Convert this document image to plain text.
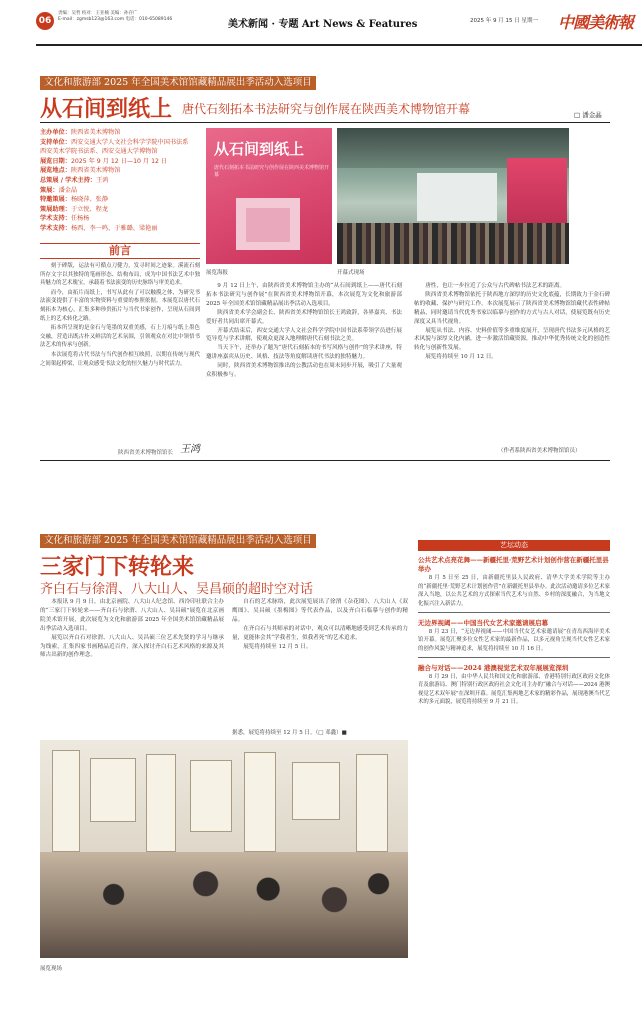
06
责编：吴哲 校对：王亚楠 美编：孙存广
E-mail：zgmsb123@163.com 电话：010-65089146	美术新闻 · 专题 Art News & Features	2025 年 9 月 15 日 星期一 中國美術報
文化和旅游部 2025 年全国美术馆馆藏精品展出季活动入选项目
从石间到纸上 唐代石刻拓本书法研究与创作展在陕西美术博物馆开幕	□ 潘金晶
主办单位：陕西省美术博物馆
支持单位：西安交通大学人文社会科学学院中国书法系
西安美术学院书法系、西安交通大学博物馆
展览日期：2025 年 9 月 12 日—10 月 12 日
展览地点：陕西省美术博物馆
总策展 / 学术主持：王鸿
策展：潘金晶
特邀策展：杨晓萍、张静
策展助理：于立悦、程龙
学术支持：任杨杨
学术支持：杨西、李一鸣、于雅璐、梁艳丽
前言

刻于碑版，运法有可循点刀健力，发寻时间之迹象。溪流石刻所存文字以其独特的笔画形态、结构布局，成为中国书法艺术中独具魅力的艺术瑰宝，承载着书法演变的历史脉络与审美追求。

而今，由拓片而纸上，书写从此有了可以触摸之体，为研究书法演变提供了丰富的实物资料与重要的参照依据。本展览以唐代石刻拓本为核心，汇集多种珍贵拓片与当代书家创作，呈现从石间到纸上的艺术转化之路。

拓本所呈现的是金石与笔墨的双重美感，石上刀痕与纸上墨色交融，营造出既古朴又鲜活的艺术氛围，引领观众在对比中领悟书法艺术的传承与创新。

本次展览将古代书法与当代创作相互映照，以期在传统与现代之间架起桥梁，让观众感受书法文化的恒久魅力与时代活力。

陕西省美术博物馆馆长 王鸿
从石间到纸上
唐代石刻拓本书法研究与创作展在陕西美术博物馆开幕
展览海报	开幕式现场

9 月 12 日上午，由陕西省美术博物馆主办的“从石间到纸上——唐代石刻拓本书法研究与创作展”在陕西省美术博物馆开幕，本次展览为文化和旅游部 2025 年全国美术馆馆藏精品展出季活动入选项目。

陕西省美术学会副会长、陕西省美术博物馆馆长王鸿致辞，各界嘉宾、书法爱好者共同出席开幕式。

开幕式结束后，西安交通大学人文社会科学学院中国书法系带领学员进行展览导览与学术讲解，使观众更深入地理解唐代石刻书法之美。

当天下午，还举办了题为“唐代石刻拓本的书写风格与创作”的学术讲座，特邀讲座嘉宾从历史、风格、技法等角度解读唐代书法的独特魅力。

同时，陕西省美术博物馆推出的公教活动也在周末同步开展，吸引了大量观众积极参与。

唐性，也让一步拉近了公众与古代碑帖书法艺术的距离。

陕西省美术博物馆依托于陕西地方深厚的历史文化底蕴，长期致力于金石碑帖的收藏、保护与研究工作。本次展览展示了陕西省美术博物馆馆藏代表性碑帖精品，同时邀请当代优秀书家以临摹与创作的方式与古人对话，使展览既有历史深度又具当代视角。

展览从书法、内容、史料价值等多重维度展开，呈现唐代书法多元风格的艺术风貌与深厚文化内涵，进一步激活馆藏资源，推动中华优秀传统文化的创造性转化与创新性发展。

展览将持续至 10 月 12 日。

（作者系陕西省美术博物馆馆员）
文化和旅游部 2025 年全国美术馆馆藏精品展出季活动入选项目
三家门下转轮来
齐白石与徐渭、八大山人、吴昌硕的超时空对话

本报讯 9 月 9 日，由北京画院、八大山人纪念馆、西泠印社联合主办的“三家门下转轮来——齐白石与徐渭、八大山人、吴昌硕”展览在北京画院美术馆开展，此次展览为文化和旅游部 2025 年全国美术馆馆藏精品展出季活动入选项目。

展览以齐白石对徐渭、八大山人、吴昌硕三位艺术先贤的学习与继承为线索，汇集四家书画精品近百件，深入探讨齐白石艺术风格的来源及其师古出新的创作理念。

自石的艺术脉络，此次展览展出了徐渭《杂花图》、八大山人《双鹰图》、吴昌硕《墨梅图》等代表作品，以及齐白石临摹与创作的精品。

在齐白石与其师承的对话中，观众可以清晰地感受到艺术传承的力量，更能体会其“学我者生，似我者死”的艺术追求。

展览将持续至 12 月 5 日。

据悉，展览将持续至 12 月 5 日。（□ 邓鑫）■
展览现场
艺坛动态
公共艺术点亮花舞——新疆托里·荒野艺术计划创作营在新疆托里县举办

8 月 5 日至 25 日，由新疆托里县人民政府、清华大学美术学院等主办的“新疆托里·荒野艺术计划创作营”在新疆托里县举办。此次活动邀请多位艺术家深入当地，以公共艺术的方式探索当代艺术与自然、乡村的深度融合，为当地文化振兴注入新活力。

无边界视阈——中国当代女艺术家邀请展启幕

8 月 23 日，“无边界视阈——中国当代女艺术家邀请展”在青岛西海岸美术馆开幕。展览汇聚多位女性艺术家的最新作品，以多元视角呈现当代女性艺术家的创作风貌与精神追求，展览将持续至 10 月 16 日。

融合与对话——2024 港澳视觉艺术双年展展览深圳

8 月 29 日，由中华人民共和国文化和旅游部、香港特别行政区政府文化体育及旅游局、澳门特别行政区政府社会文化司主办的“融合与对话——2024 港澳视觉艺术双年展”在深圳开幕。展览汇集两地艺术家的精彩作品，展现港澳当代艺术的多元面貌，展览将持续至 9 月 21 日。
